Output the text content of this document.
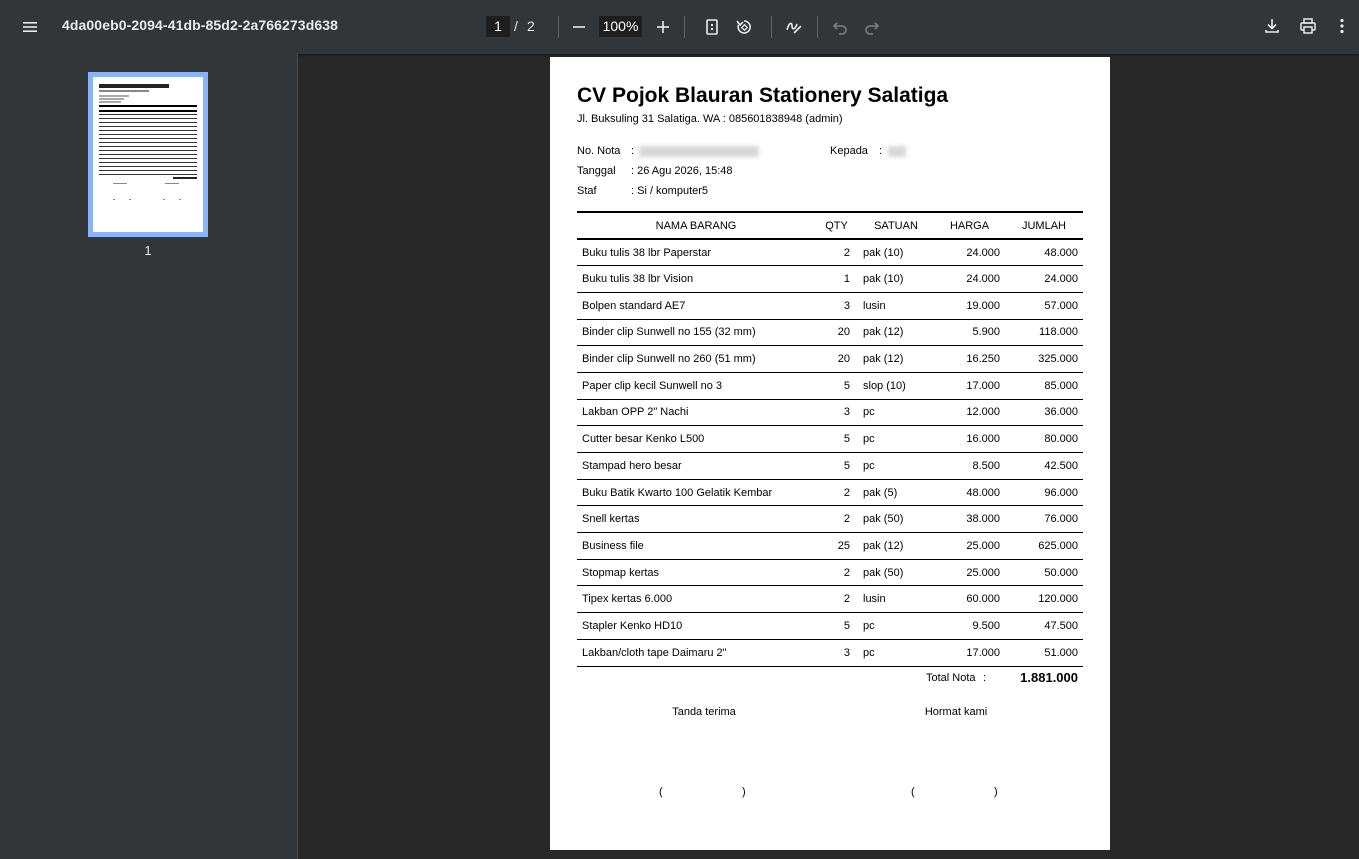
4da00eb0-2094-41db-85d2-2a766273d638	1 / 2	100%
1
CV Pojok Blauran Stationery Salatiga
Jl. Buksuling 31 Salatiga. WA : 085601838948 (admin)
No. Nota :
Tanggal : 26 Agu 2026, 15:48
Staf	: Si / komputer5
Kepada :
NAMA BARANG	QTY	SATUAN	HARGA	JUMLAH
Buku tulis 38 lbr Paperstar	2	pak (10)	24.000	48.000
Buku tulis 38 lbr Vision	1	pak (10)	24.000	24.000
Bolpen standard AE7	3	lusin	19.000	57.000
Binder clip Sunwell no 155 (32 mm)	20	pak (12)	5.900	118.000
Binder clip Sunwell no 260 (51 mm)	20	pak (12)	16.250	325.000
Paper clip kecil Sunwell no 3	5	slop (10)	17.000	85.000
Lakban OPP 2" Nachi	3	pc	12.000	36.000
Cutter besar Kenko L500	5	pc	16.000	80.000
Stampad hero besar	5	pc	8.500	42.500
Buku Batik Kwarto 100 Gelatik Kembar	2	pak (5)	48.000	96.000
Snell kertas	2	pak (50)	38.000	76.000
Business file	25	pak (12)	25.000	625.000
Stopmap kertas	2	pak (50)	25.000	50.000
Tipex kertas 6.000	2	lusin	60.000	120.000
Stapler Kenko HD10	5	pc	9.500	47.500
Lakban/cloth tape Daimaru 2"	3	pc	17.000	51.000
Total Nota :	1.881.000
Tanda terima	Hormat kami
(	)	(	)
